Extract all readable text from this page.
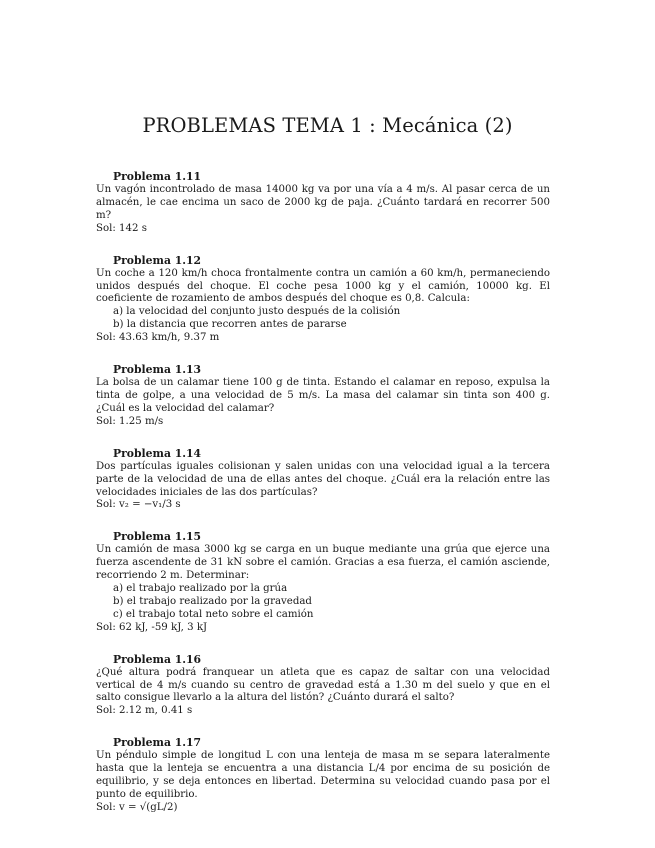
PROBLEMAS TEMA 1 : Mecánica (2)
Problema 1.11
Un vagón incontrolado de masa 14000 kg va por una vía a 4 m/s. Al pasar cerca de un almacén, le cae encima un saco de 2000 kg de paja. ¿Cuánto tardará en recorrer 500 m?
Sol: 142 s
Problema 1.12
Un coche a 120 km/h choca frontalmente contra un camión a 60 km/h, permaneciendo unidos después del choque. El coche pesa 1000 kg y el camión, 10000 kg. El coeficiente de rozamiento de ambos después del choque es 0,8. Calcula:
a) la velocidad del conjunto justo después de la colisión
b) la distancia que recorren antes de pararse
Sol: 43.63 km/h, 9.37 m
Problema 1.13
La bolsa de un calamar tiene 100 g de tinta. Estando el calamar en reposo, expulsa la tinta de golpe, a una velocidad de 5 m/s. La masa del calamar sin tinta son 400 g. ¿Cuál es la velocidad del calamar?
Sol: 1.25 m/s
Problema 1.14
Dos partículas iguales colisionan y salen unidas con una velocidad igual a la tercera parte de la velocidad de una de ellas antes del choque. ¿Cuál era la relación entre las velocidades iniciales de las dos partículas?
Sol: v₂ = −v₁/3 s
Problema 1.15
Un camión de masa 3000 kg se carga en un buque mediante una grúa que ejerce una fuerza ascendente de 31 kN sobre el camión. Gracias a esa fuerza, el camión asciende, recorriendo 2 m. Determinar:
a) el trabajo realizado por la grúa
b) el trabajo realizado por la gravedad
c) el trabajo total neto sobre el camión
Sol: 62 kJ, -59 kJ, 3 kJ
Problema 1.16
¿Qué altura podrá franquear un atleta que es capaz de saltar con una velocidad vertical de 4 m/s cuando su centro de gravedad está a 1.30 m del suelo y que en el salto consigue llevarlo a la altura del listón? ¿Cuánto durará el salto?
Sol: 2.12 m, 0.41 s
Problema 1.17
Un péndulo simple de longitud L con una lenteja de masa m se separa lateralmente hasta que la lenteja se encuentra a una distancia L/4 por encima de su posición de equilibrio, y se deja entonces en libertad. Determina su velocidad cuando pasa por el punto de equilibrio.
Sol: v = √(gL/2)
